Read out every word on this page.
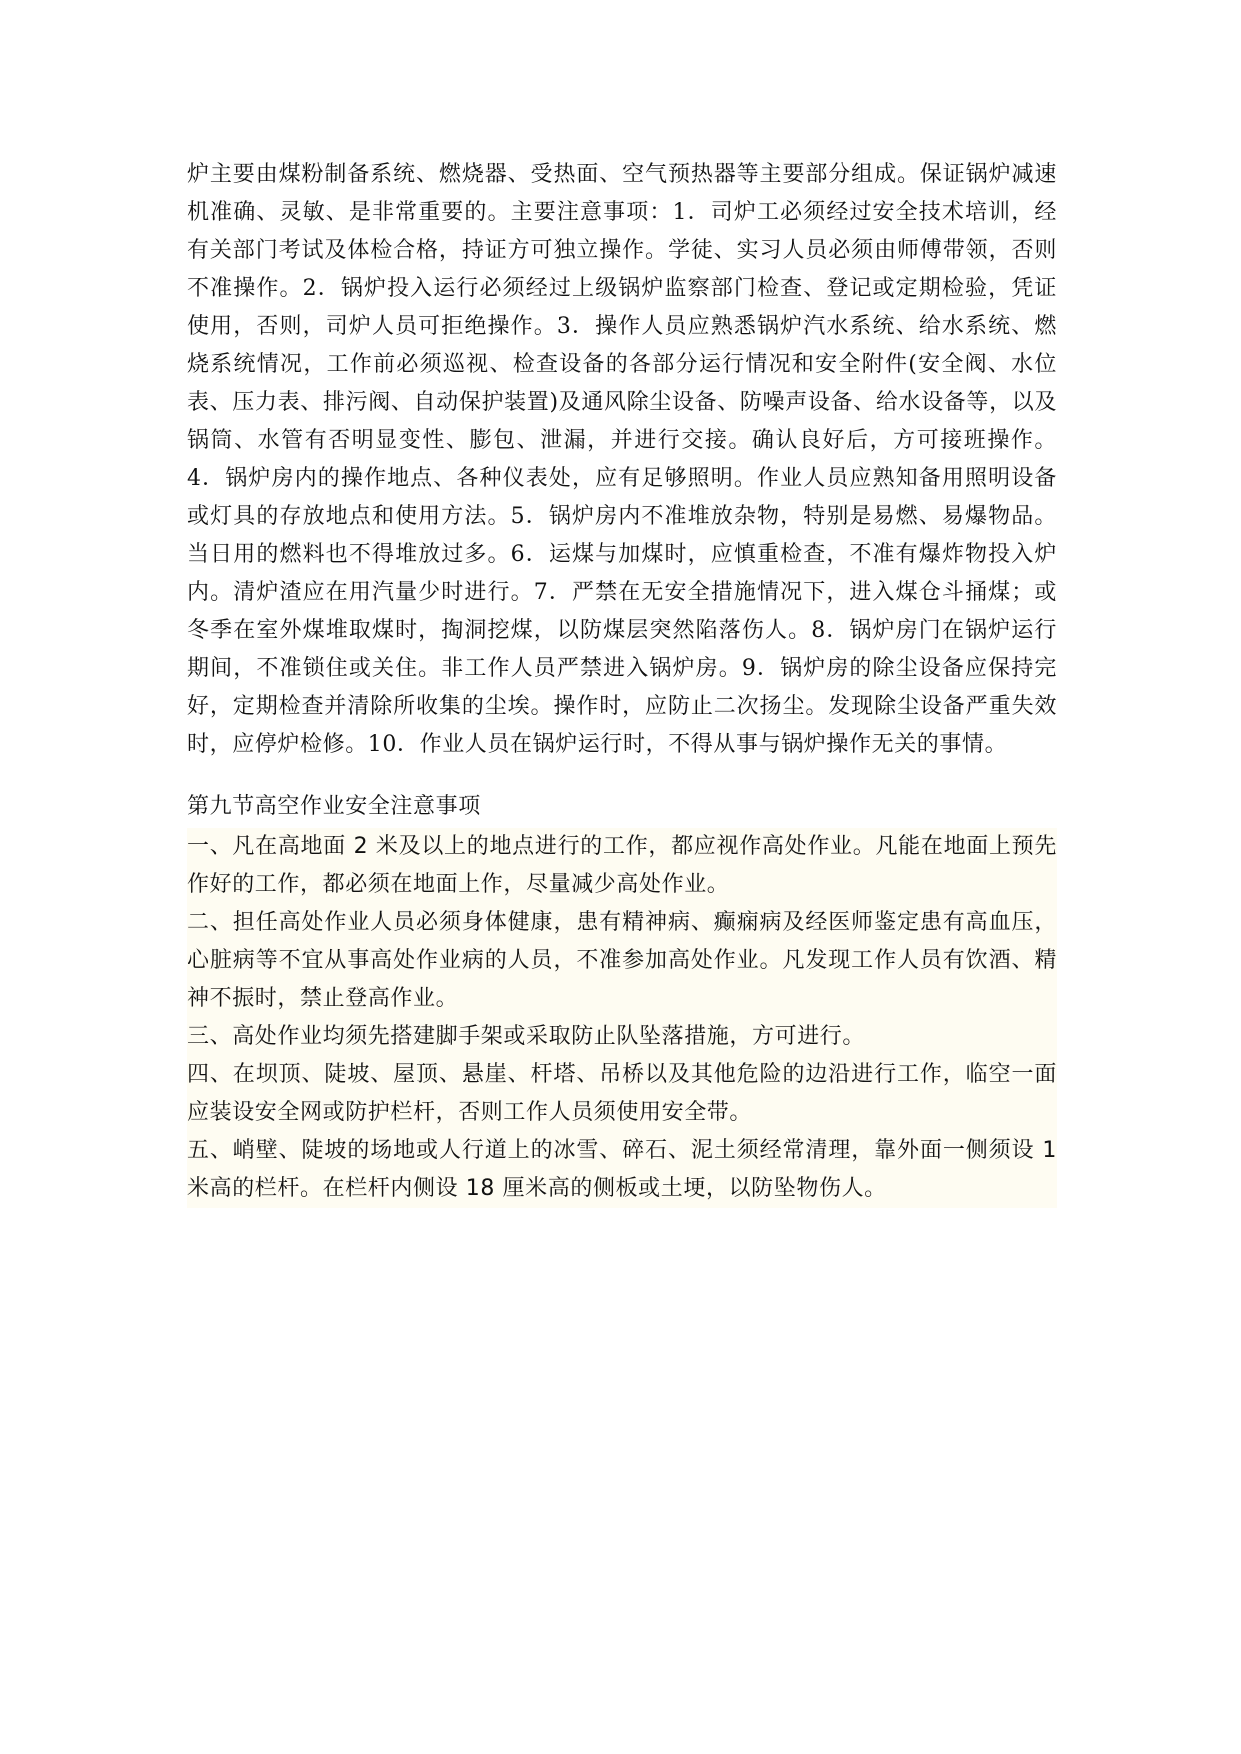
炉主要由煤粉制备系统、燃烧器、受热面、空气预热器等主要部分组成。保证锅炉减速机准确、灵敏、是非常重要的。主要注意事项：1．司炉工必须经过安全技术培训，经有关部门考试及体检合格，持证方可独立操作。学徒、实习人员必须由师傅带领，否则不准操作。2．锅炉投入运行必须经过上级锅炉监察部门检查、登记或定期检验，凭证使用，否则，司炉人员可拒绝操作。3．操作人员应熟悉锅炉汽水系统、给水系统、燃烧系统情况，工作前必须巡视、检查设备的各部分运行情况和安全附件(安全阀、水位表、压力表、排污阀、自动保护装置)及通风除尘设备、防噪声设备、给水设备等，以及锅筒、水管有否明显变性、膨包、泄漏，并进行交接。确认良好后，方可接班操作。4．锅炉房内的操作地点、各种仪表处，应有足够照明。作业人员应熟知备用照明设备或灯具的存放地点和使用方法。5．锅炉房内不准堆放杂物，特别是易燃、易爆物品。当日用的燃料也不得堆放过多。6．运煤与加煤时，应慎重检查，不准有爆炸物投入炉内。清炉渣应在用汽量少时进行。7．严禁在无安全措施情况下，进入煤仓斗捅煤；或冬季在室外煤堆取煤时，掏洞挖煤，以防煤层突然陷落伤人。8．锅炉房门在锅炉运行期间，不准锁住或关住。非工作人员严禁进入锅炉房。9．锅炉房的除尘设备应保持完好，定期检查并清除所收集的尘埃。操作时，应防止二次扬尘。发现除尘设备严重失效时，应停炉检修。10．作业人员在锅炉运行时，不得从事与锅炉操作无关的事情。

第九节高空作业安全注意事项

一、凡在高地面 2 米及以上的地点进行的工作，都应视作高处作业。凡能在地面上预先作好的工作，都必须在地面上作，尽量减少高处作业。

二、担任高处作业人员必须身体健康，患有精神病、癫痫病及经医师鉴定患有高血压，心脏病等不宜从事高处作业病的人员，不准参加高处作业。凡发现工作人员有饮酒、精神不振时，禁止登高作业。

三、高处作业均须先搭建脚手架或采取防止队坠落措施，方可进行。

四、在坝顶、陡坡、屋顶、悬崖、杆塔、吊桥以及其他危险的边沿进行工作，临空一面应装设安全网或防护栏杆，否则工作人员须使用安全带。

五、峭壁、陡坡的场地或人行道上的冰雪、碎石、泥土须经常清理，靠外面一侧须设 1 米高的栏杆。在栏杆内侧设 18 厘米高的侧板或土埂，以防坠物伤人。
